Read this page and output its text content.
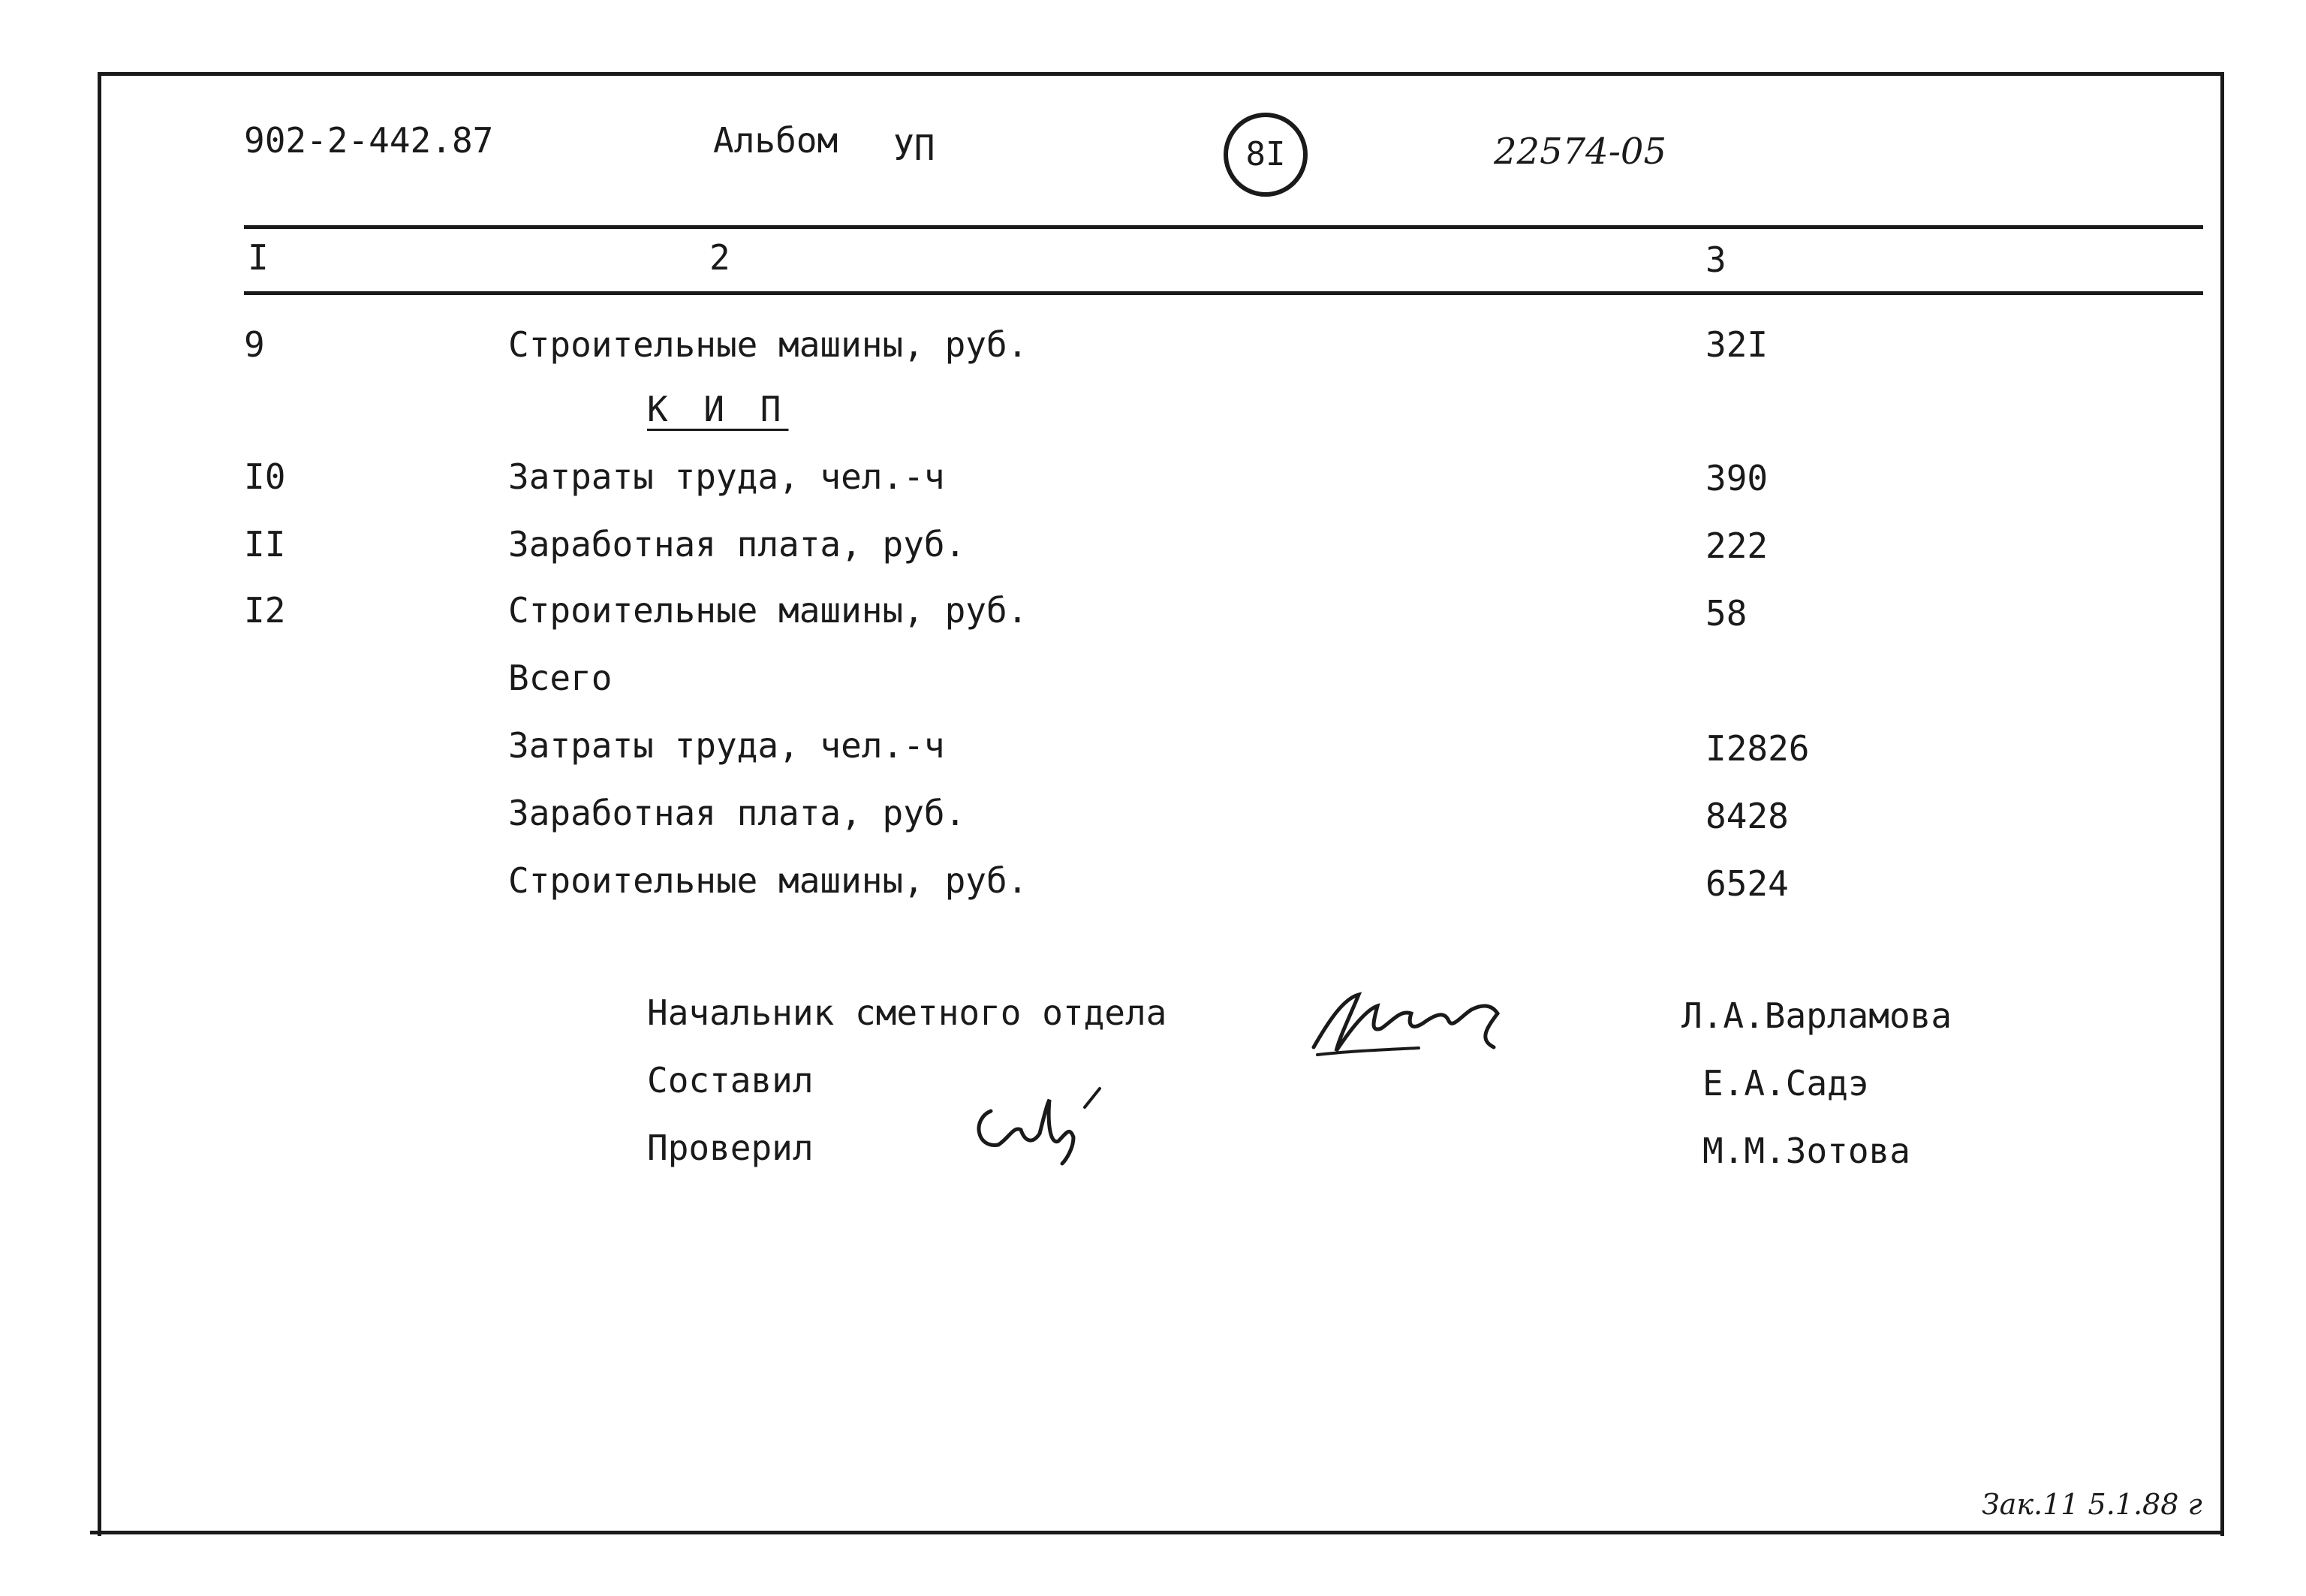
902-2-442.87	Альбом УП	8I	22574-05
I	2	3
9	Строительные машины, руб.	32I
К И П
I0	Затраты труда, чел.-ч	390
II	Заработная плата, руб.	222
I2	Строительные машины, руб.	58
Всего
Затраты труда, чел.-ч	I2826
Заработная плата, руб.	8428
Строительные машины, руб.	6524
Начальник сметного отдела	Л.А.Варламова
Составил	Е.А.Садэ
Проверил	М.М.Зотова
Зак.11 5.1.88 г
